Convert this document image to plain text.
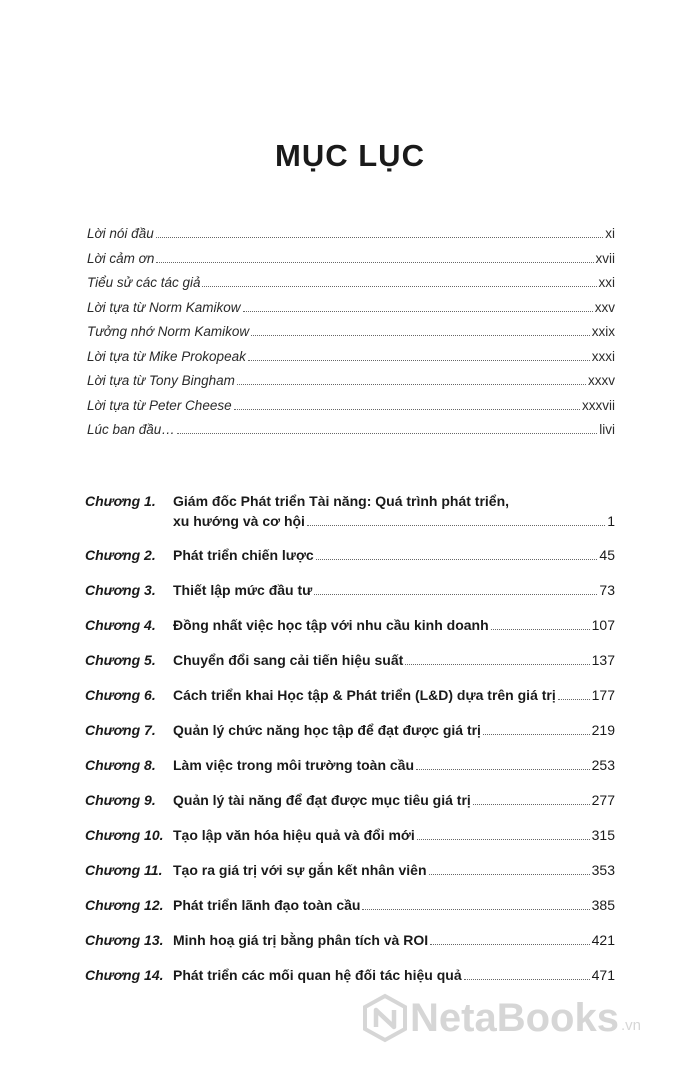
MỤC LỤC
Lời nói đầu	xi
Lời cảm ơn	xvii
Tiểu sử các tác giả	xxi
Lời tựa từ Norm Kamikow	xxv
Tưởng nhớ Norm Kamikow	xxix
Lời tựa từ Mike Prokopeak	xxxi
Lời tựa từ Tony Bingham	xxxv
Lời tựa từ Peter Cheese	xxxvii
Lúc ban đầu…	livi
Chương 1.	Giám đốc Phát triển Tài năng: Quá trình phát triển,
xu hướng và cơ hội	1
Chương 2.	Phát triển chiến lược	45
Chương 3.	Thiết lập mức đầu tư	73
Chương 4.	Đồng nhất việc học tập với nhu cầu kinh doanh	107
Chương 5.	Chuyển đổi sang cải tiến hiệu suất	137
Chương 6.	Cách triển khai Học tập & Phát triển (L&D) dựa trên giá trị	177
Chương 7.	Quản lý chức năng học tập để đạt được giá trị	219
Chương 8.	Làm việc trong môi trường toàn cầu	253
Chương 9.	Quản lý tài năng để đạt được mục tiêu giá trị	277
Chương 10. Tạo lập văn hóa hiệu quả và đổi mới	315
Chương 11. Tạo ra giá trị với sự gắn kết nhân viên	353
Chương 12. Phát triển lãnh đạo toàn cầu	385
Chương 13. Minh hoạ giá trị bằng phân tích và ROI	421
Chương 14. Phát triển các mối quan hệ đối tác hiệu quả	471
NetaBooks .vn
